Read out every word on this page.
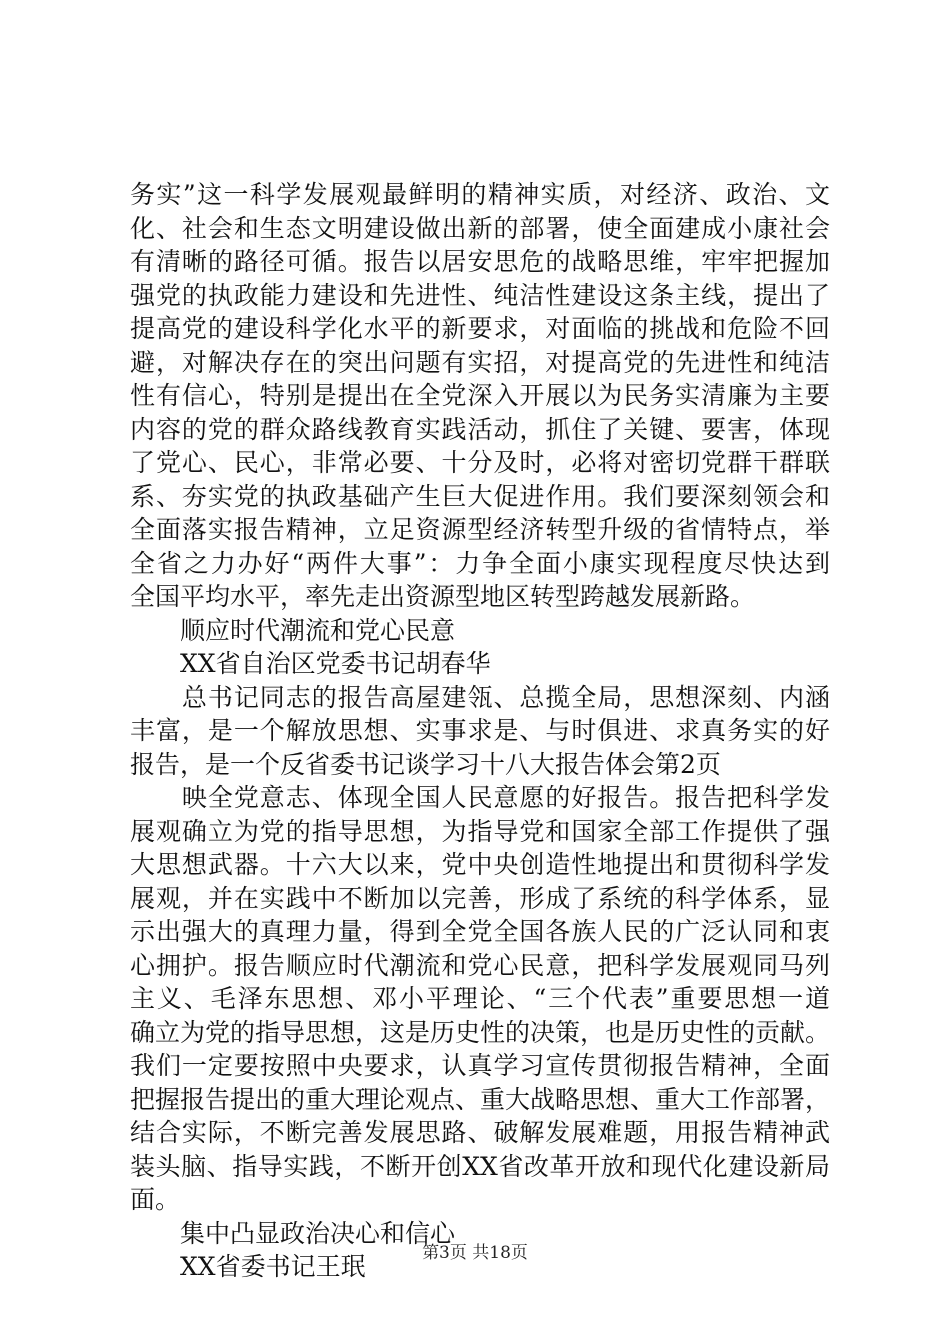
务实”这一科学发展观最鲜明的精神实质，对经济、政治、文
化、社会和生态文明建设做出新的部署，使全面建成小康社会
有清晰的路径可循。报告以居安思危的战略思维，牢牢把握加
强党的执政能力建设和先进性、纯洁性建设这条主线，提出了
提高党的建设科学化水平的新要求，对面临的挑战和危险不回
避，对解决存在的突出问题有实招，对提高党的先进性和纯洁
性有信心，特别是提出在全党深入开展以为民务实清廉为主要
内容的党的群众路线教育实践活动，抓住了关键、要害，体现
了党心、民心，非常必要、十分及时，必将对密切党群干群联
系、夯实党的执政基础产生巨大促进作用。我们要深刻领会和
全面落实报告精神，立足资源型经济转型升级的省情特点，举
全省之力办好“两件大事”：力争全面小康实现程度尽快达到
全国平均水平，率先走出资源型地区转型跨越发展新路。
　　顺应时代潮流和党心民意
　　XX省自治区党委书记胡春华
　　总书记同志的报告高屋建瓴、总揽全局，思想深刻、内涵
丰富，是一个解放思想、实事求是、与时俱进、求真务实的好
报告，是一个反省委书记谈学习十八大报告体会第2页
　　映全党意志、体现全国人民意愿的好报告。报告把科学发
展观确立为党的指导思想，为指导党和国家全部工作提供了强
大思想武器。十六大以来，党中央创造性地提出和贯彻科学发
展观，并在实践中不断加以完善，形成了系统的科学体系，显
示出强大的真理力量，得到全党全国各族人民的广泛认同和衷
心拥护。报告顺应时代潮流和党心民意，把科学发展观同马列
主义、毛泽东思想、邓小平理论、“三个代表”重要思想一道
确立为党的指导思想，这是历史性的决策，也是历史性的贡献。
我们一定要按照中央要求，认真学习宣传贯彻报告精神，全面
把握报告提出的重大理论观点、重大战略思想、重大工作部署，
结合实际，不断完善发展思路、破解发展难题，用报告精神武
装头脑、指导实践，不断开创XX省改革开放和现代化建设新局
面。
　　集中凸显政治决心和信心
　　XX省委书记王珉	第3页 共18页
